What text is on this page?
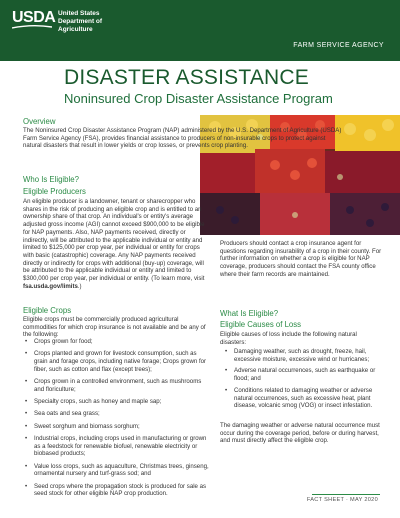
USDA United States
Department of
Agriculture
FARM SERVICE AGENCY
DISASTER ASSISTANCE
Noninsured Crop Disaster Assistance Program
Overview
The Noninsured Crop Disaster Assistance Program (NAP) administered by the U.S. Department of Agriculture (USDA) Farm Service Agency (FSA), provides financial assistance to producers of non-insurable crops to protect against natural disasters that result in lower yields or crop losses, or prevents crop planting.
Who Is Eligible?
Eligible Producers
An eligible producer is a landowner, tenant or sharecropper who shares in the risk of producing an eligible crop and is entitled to an ownership share of that crop. An individual's or entity's average adjusted gross income (AGI) cannot exceed $900,000 to be eligible for NAP payments. Also, NAP payments received, directly or indirectly, will be attributed to the applicable individual or entity and limited to $125,000 per crop year, per individual or entity for crops with basic (catastrophic) coverage. Any NAP payments received directly or indirectly for crops with additional (buy-up) coverage, will be attributed to the applicable individual or entity and limited to $300,000 per crop year, per individual or entity. (To learn more, visit fsa.usda.gov/limits.)
Producers should contact a crop insurance agent for questions regarding insurability of a crop in their county. For further information on whether a crop is eligible for NAP coverage, producers should contact the FSA county office where their farm records are maintained.
What Is Eligible?
Eligible Causes of Loss
Eligible causes of loss include the following natural disasters:
• Damaging weather, such as drought, freeze, hail, excessive moisture, excessive wind or hurricanes;
• Adverse natural occurrences, such as earthquake or flood; and
• Conditions related to damaging weather or adverse natural occurrences, such as excessive heat, plant disease, volcanic smog (VOG) or insect infestation.
The damaging weather or adverse natural occurrence must occur during the coverage period, before or during harvest, and must directly affect the eligible crop.
Eligible Crops
Eligible crops must be commercially produced agricultural commodities for which crop insurance is not available and be any of the following:
• Crops grown for food;
• Crops planted and grown for livestock consumption, such as grain and forage crops, including native forage; Crops grown for fiber, such as cotton and flax (except trees);
• Crops grown in a controlled environment, such as mushrooms and floriculture;
• Specialty crops, such as honey and maple sap;
• Sea oats and sea grass;
• Sweet sorghum and biomass sorghum;
• Industrial crops, including crops used in manufacturing or grown as a feedstock for renewable biofuel, renewable electricity or biobased products;
• Value loss crops, such as aquaculture, Christmas trees, ginseng, ornamental nursery and turf-grass sod; and
• Seed crops where the propagation stock is produced for sale as seed stock for other eligible NAP crop production.
FACT SHEET · MAY 2020
